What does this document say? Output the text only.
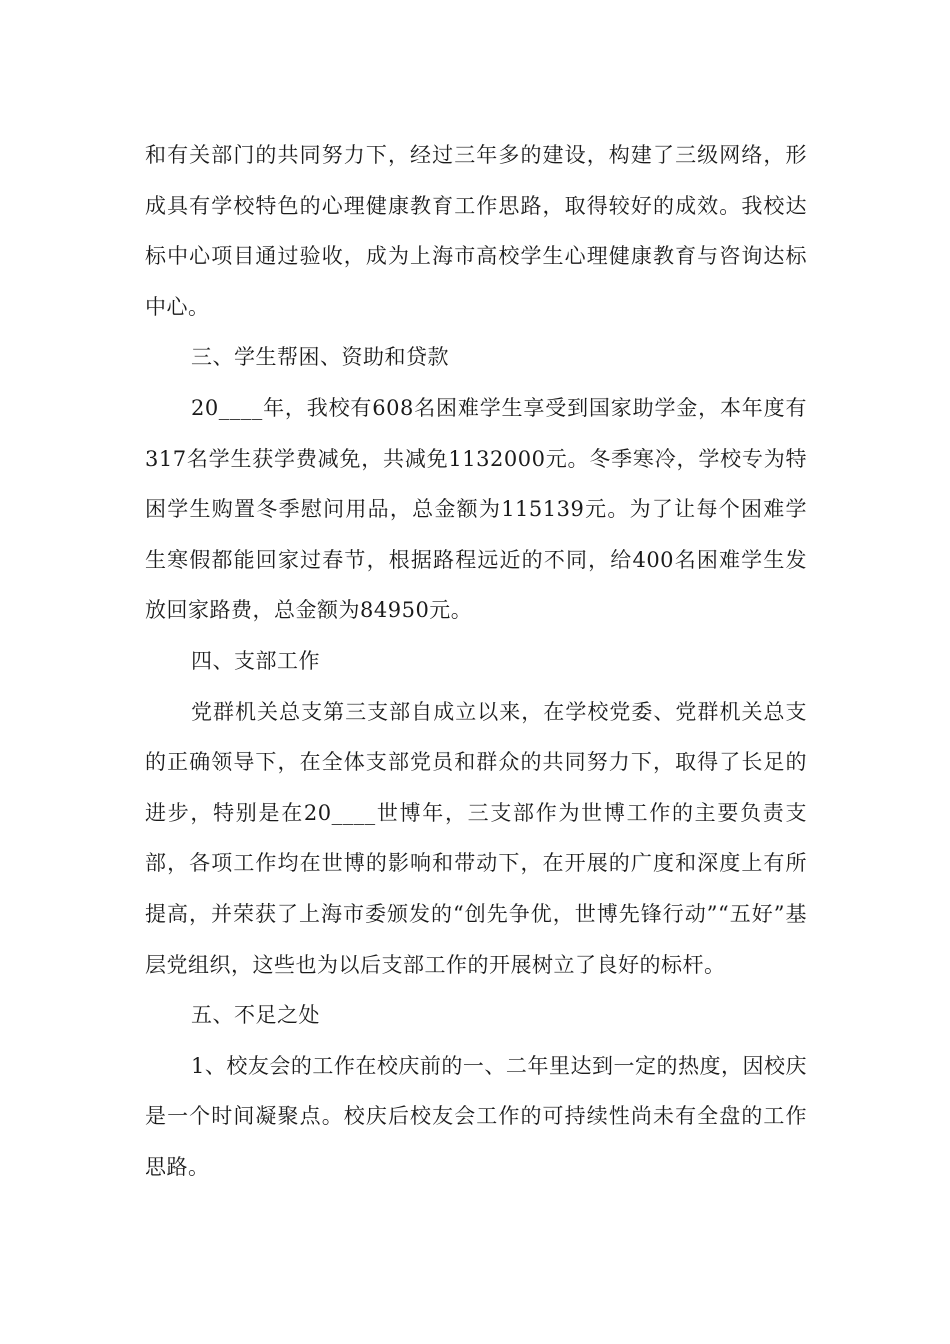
和有关部门的共同努力下，经过三年多的建设，构建了三级网络，形成具有学校特色的心理健康教育工作思路，取得较好的成效。我校达标中心项目通过验收，成为上海市高校学生心理健康教育与咨询达标中心。

三、学生帮困、资助和贷款

20____年，我校有608名困难学生享受到国家助学金，本年度有317名学生获学费减免，共减免1132000元。冬季寒冷，学校专为特困学生购置冬季慰问用品，总金额为115139元。为了让每个困难学生寒假都能回家过春节，根据路程远近的不同，给400名困难学生发放回家路费，总金额为84950元。

四、支部工作

党群机关总支第三支部自成立以来，在学校党委、党群机关总支的正确领导下，在全体支部党员和群众的共同努力下，取得了长足的进步，特别是在20____世博年，三支部作为世博工作的主要负责支部，各项工作均在世博的影响和带动下，在开展的广度和深度上有所提高，并荣获了上海市委颁发的“创先争优，世博先锋行动”“五好”基层党组织，这些也为以后支部工作的开展树立了良好的标杆。

五、不足之处

1、校友会的工作在校庆前的一、二年里达到一定的热度，因校庆是一个时间凝聚点。校庆后校友会工作的可持续性尚未有全盘的工作思路。
